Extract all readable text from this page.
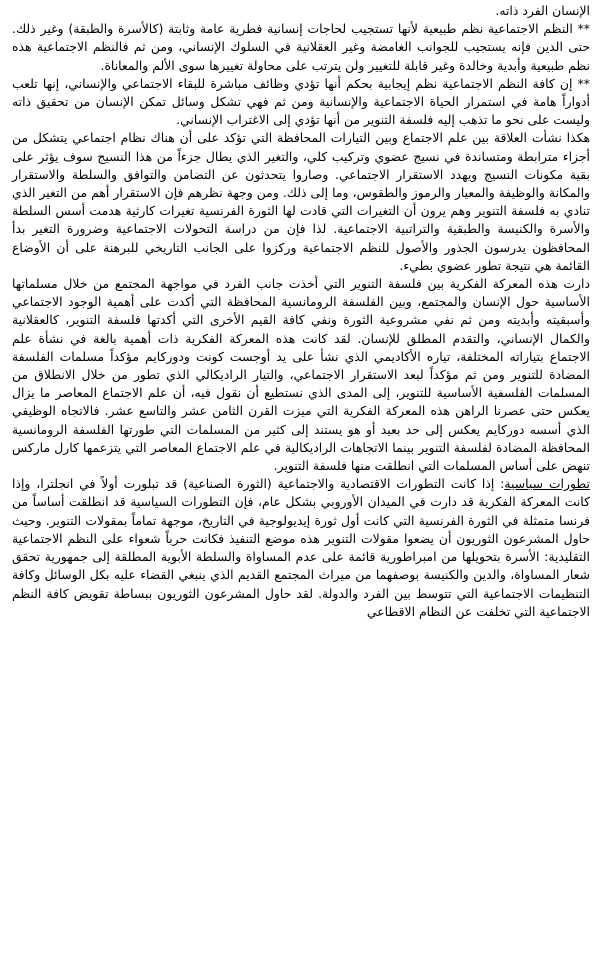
الإنسان الفرد ذاته.

** النظم الاجتماعية نظم طبيعية لأنها تستجيب لحاجات إنسانية فطرية عامة وثابتة (كالأسرة والطبقة) وغير ذلك. حتى الدين فإنه يستجيب للجوانب الغامضة وغير العقلانية في السلوك الإنساني، ومن ثم فالنظم الاجتماعية هذه نظم طبيعية وأبدية وخالدة وغير قابلة للتغيير ولن يترتب على محاولة تغييرها سوى الألم والمعاناة.

** إن كافة النظم الاجتماعية نظم إيجابية بحكم أنها تؤدي وظائف مباشرة للبقاء الاجتماعي والإنساني، إنها تلعب أدواراً هامة في استمرار الحياة الاجتماعية والإنسانية ومن ثم فهي تشكل وسائل تمكن الإنسان من تحقيق ذاته وليست على نحو ما تذهب إليه فلسفة التنوير من أنها تؤدي إلى الاغتراب الإنساني.

هكذا نشأت العلاقة بين علم الاجتماع وبين التيارات المحافظة التي تؤكد على أن هناك نظام اجتماعي يتشكل من أجزاء مترابطة ومتساندة في نسيج عضوي وتركيب كلي، والتغير الذي يطال جزءاً من هذا النسيج سوف يؤثر على بقية مكونات النسيج ويهدد الاستقرار الاجتماعي. وصاروا يتحدثون عن التضامن والتوافق والسلطة والاستقرار والمكانة والوظيفة والمعيار والرموز والطقوس، وما إلى ذلك. ومن وجهة نظرهم فإن الاستقرار أهم من التغير الذي تنادي به فلسفة التنوير وهم يرون أن التغيرات التي قادت لها الثورة الفرنسية تغيرات كارثية هدمت أسس السلطة والأسرة والكنيسة والطبقية والتراتبية الاجتماعية. لذا فإن من دراسة التحولات الاجتماعية وضرورة التغير بدأ المحافظون يدرسون الجذور والأصول للنظم الاجتماعية وركزوا على الجانب التاريخي للبرهنة على أن الأوضاع القائمة هي نتيجة تطور عضوي بطيء.

دارت هذه المعركة الفكرية بين فلسفة التنوير التي أخذت جانب الفرد في مواجهة المجتمع من خلال مسلماتها الأساسية حول الإنسان والمجتمع، وبين الفلسفة الرومانسية المحافظة التي أكدت على أهمية الوجود الاجتماعي وأسبقيته وأبديته ومن ثم نفي مشروعية الثورة ونفي كافة القيم الأخرى التي أكدتها فلسفة التنوير، كالعقلانية والكمال الإنساني، والتقدم المطلق للإنسان. لقد كانت هذه المعركة الفكرية ذات أهمية بالغة في نشأة علم الاجتماع بتياراته المختلفة، تياره الأكاديمي الذي نشأ على يد أوجست كونت ودوركايم مؤكداً مسلمات الفلسفة المضادة للتنوير ومن ثم مؤكداً لبعد الاستقرار الاجتماعي، والتيار الراديكالي الذي تطور من خلال الانطلاق من المسلمات الفلسفية الأساسية للتنوير، إلى المدى الذي نستطيع أن نقول فيه، أن علم الاجتماع المعاصر ما يزال يعكس حتى عصرنا الراهن هذه المعركة الفكرية التي ميزت القرن الثامن عشر والتاسع عشر. فالاتجاه الوظيفي الذي أسسه دوركايم يعكس إلى حد بعيد أو هو يستند إلى كثير من المسلمات التي طورتها الفلسفة الرومانسية المحافظة المضادة لفلسفة التنوير بينما الاتجاهات الراديكالية في علم الاجتماع المعاصر التي يتزعمها كارل ماركس تنهض على أساس المسلمات التي انطلقت منها فلسفة التنوير.

تطورات سياسية: إذا كانت التطورات الاقتصادية والاجتماعية (الثورة الصناعية) قد تبلورت أولاً في انجلترا، وإذا كانت المعركة الفكرية قد دارت في الميدان الأوروبي بشكل عام، فإن التطورات السياسية قد انطلقت أساساً من فرنسا متمثلة في الثورة الفرنسية التي كانت أول ثورة إيديولوجية في التاريخ، موجهة تماماً بمقولات التنوير. وحيث حاول المشرعون الثوريون أن يضعوا مقولات التنوير هذه موضع التنفيذ فكانت حرباً شعواء على النظم الاجتماعية التقليدية: الأسرة بتحويلها من امبراطورية قائمة على عدم المساواة والسلطة الأبوية المطلقة إلى جمهورية تحقق شعار المساواة، والدين والكنيسة بوصفهما من ميراث المجتمع القديم الذي ينبغي القضاء عليه بكل الوسائل وكافة التنظيمات الاجتماعية التي تتوسط بين الفرد والدولة. لقد حاول المشرعون الثوريون ببساطة تقويض كافة النظم الاجتماعية التي تخلفت عن النظام الاقطاعي
